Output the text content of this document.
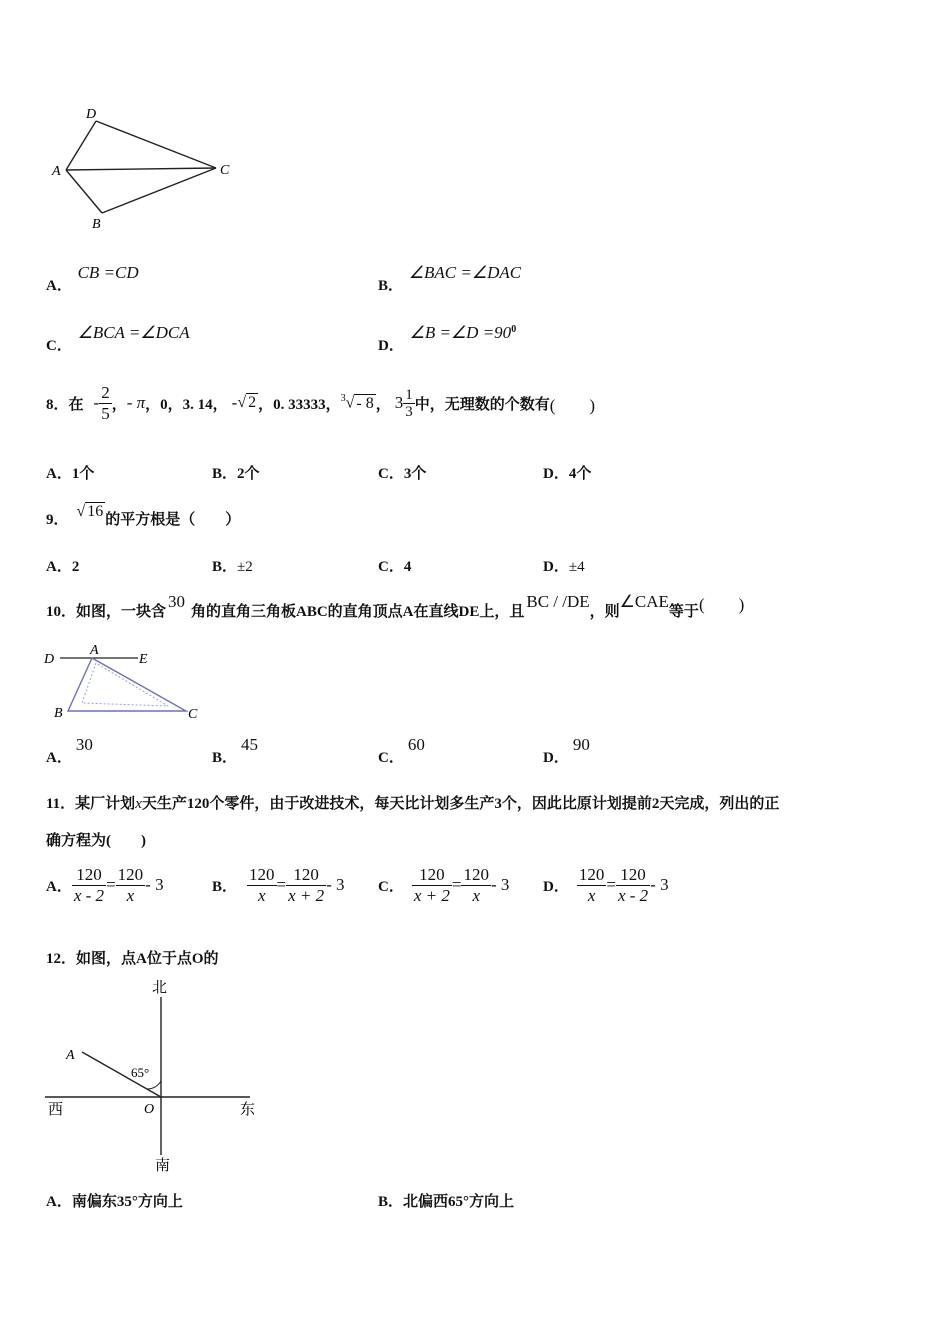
D
A	C
B
A． CB =CD
B． ∠BAC =∠DAC
C． ∠BCA =∠DCA
D． ∠B =∠D $=90^0$
8．在 - $\frac{2}{5}$ ， - π ，0，3. 14， - √ 2 ，0. 33333， $^3$√ - 8 ， $3 \frac{1}{3}$ 中，无理数的个数有 (　　)
A．1个	B．2个	C．3个	D．4个
9． √ 16 的平方根是（　　）
A．2	B．±2	C．4	D．±4
10．如图，一块含
30
角的直角三角板ABC的直角顶点A在直线DE上，且
BC / /DE
，则
∠CAE
等于 (　　)
D
A
E
B	C
A．30
B．45
C．60
D．90
11．某厂计划x天生产120个零件，由于改进技术，每天比计划多生产3个，因此比原计划提前2天完成，列出的正
确方程为(　　)
A． $\frac{120}{x - 2} = \frac{120}{x} - 3$	B． $\frac{120}{x} = \frac{120}{x + 2} - 3$ C． $\frac{120}{x + 2} = \frac{120}{x} - 3$ D． $\frac{120}{x} = \frac{120}{x - 2} - 3$
12．如图，点A位于点O的
北
南
西	东
A
O
65°
A．南偏东35°方向上	B．北偏西65°方向上
